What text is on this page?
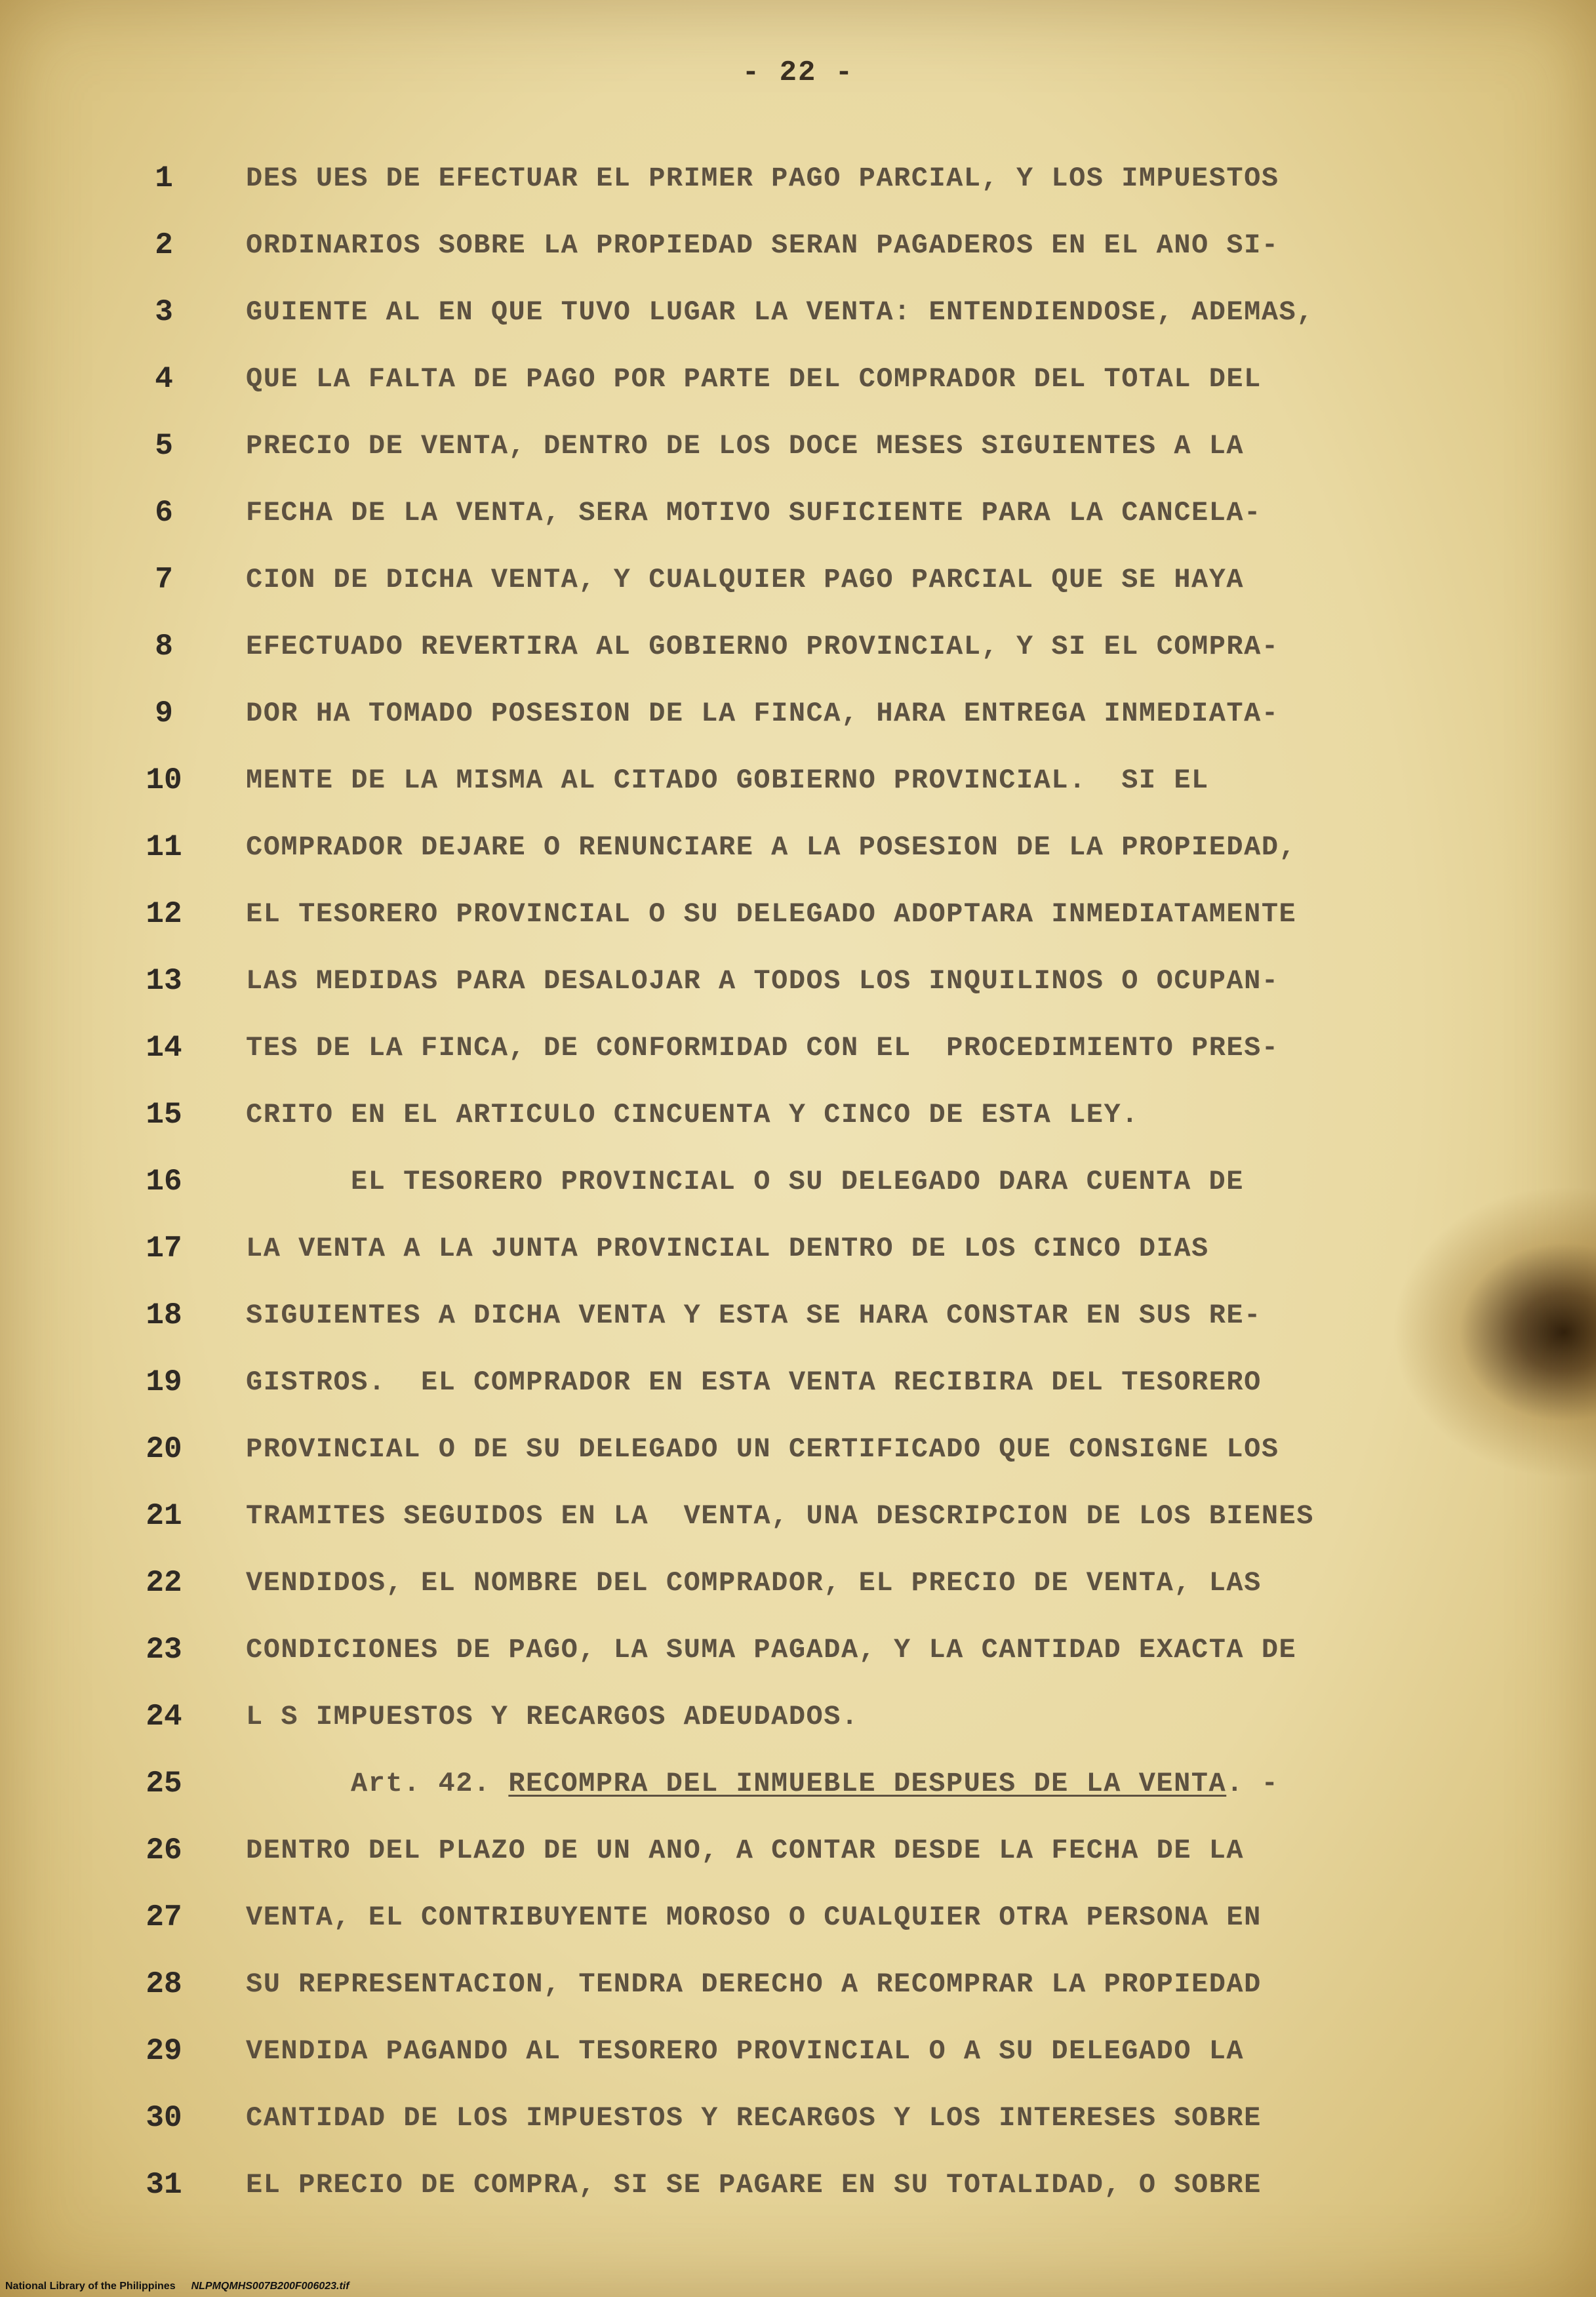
- 22 -
1	DES UES DE EFECTUAR EL PRIMER PAGO PARCIAL, Y LOS IMPUESTOS
2	ORDINARIOS SOBRE LA PROPIEDAD SERAN PAGADEROS EN EL ANO SI-
3	GUIENTE AL EN QUE TUVO LUGAR LA VENTA: ENTENDIENDOSE, ADEMAS,
4	QUE LA FALTA DE PAGO POR PARTE DEL COMPRADOR DEL TOTAL DEL
5	PRECIO DE VENTA, DENTRO DE LOS DOCE MESES SIGUIENTES A LA
6	FECHA DE LA VENTA, SERA MOTIVO SUFICIENTE PARA LA CANCELA-
7	CION DE DICHA VENTA, Y CUALQUIER PAGO PARCIAL QUE SE HAYA
8	EFECTUADO REVERTIRA AL GOBIERNO PROVINCIAL, Y SI EL COMPRA-
9	DOR HA TOMADO POSESION DE LA FINCA, HARA ENTREGA INMEDIATA-
10	MENTE DE LA MISMA AL CITADO GOBIERNO PROVINCIAL.  SI EL
11	COMPRADOR DEJARE O RENUNCIARE A LA POSESION DE LA PROPIEDAD,
12	EL TESORERO PROVINCIAL O SU DELEGADO ADOPTARA INMEDIATAMENTE
13	LAS MEDIDAS PARA DESALOJAR A TODOS LOS INQUILINOS O OCUPAN-
14	TES DE LA FINCA, DE CONFORMIDAD CON EL  PROCEDIMIENTO PRES-
15	CRITO EN EL ARTICULO CINCUENTA Y CINCO DE ESTA LEY.
16	EL TESORERO PROVINCIAL O SU DELEGADO DARA CUENTA DE
17	LA VENTA A LA JUNTA PROVINCIAL DENTRO DE LOS CINCO DIAS
18	SIGUIENTES A DICHA VENTA Y ESTA SE HARA CONSTAR EN SUS RE-
19	GISTROS.  EL COMPRADOR EN ESTA VENTA RECIBIRA DEL TESORERO
20	PROVINCIAL O DE SU DELEGADO UN CERTIFICADO QUE CONSIGNE LOS
21	TRAMITES SEGUIDOS EN LA  VENTA, UNA DESCRIPCION DE LOS BIENES
22	VENDIDOS, EL NOMBRE DEL COMPRADOR, EL PRECIO DE VENTA, LAS
23	CONDICIONES DE PAGO, LA SUMA PAGADA, Y LA CANTIDAD EXACTA DE
24	L S IMPUESTOS Y RECARGOS ADEUDADOS.
25	Art. 42. RECOMPRA DEL INMUEBLE DESPUES DE LA VENTA. -
26	DENTRO DEL PLAZO DE UN ANO, A CONTAR DESDE LA FECHA DE LA
27	VENTA, EL CONTRIBUYENTE MOROSO O CUALQUIER OTRA PERSONA EN
28	SU REPRESENTACION, TENDRA DERECHO A RECOMPRAR LA PROPIEDAD
29	VENDIDA PAGANDO AL TESORERO PROVINCIAL O A SU DELEGADO LA
30	CANTIDAD DE LOS IMPUESTOS Y RECARGOS Y LOS INTERESES SOBRE
31	EL PRECIO DE COMPRA, SI SE PAGARE EN SU TOTALIDAD, O SOBRE
National Library of the Philippines NLPMQMHS007B200F006023.tif
